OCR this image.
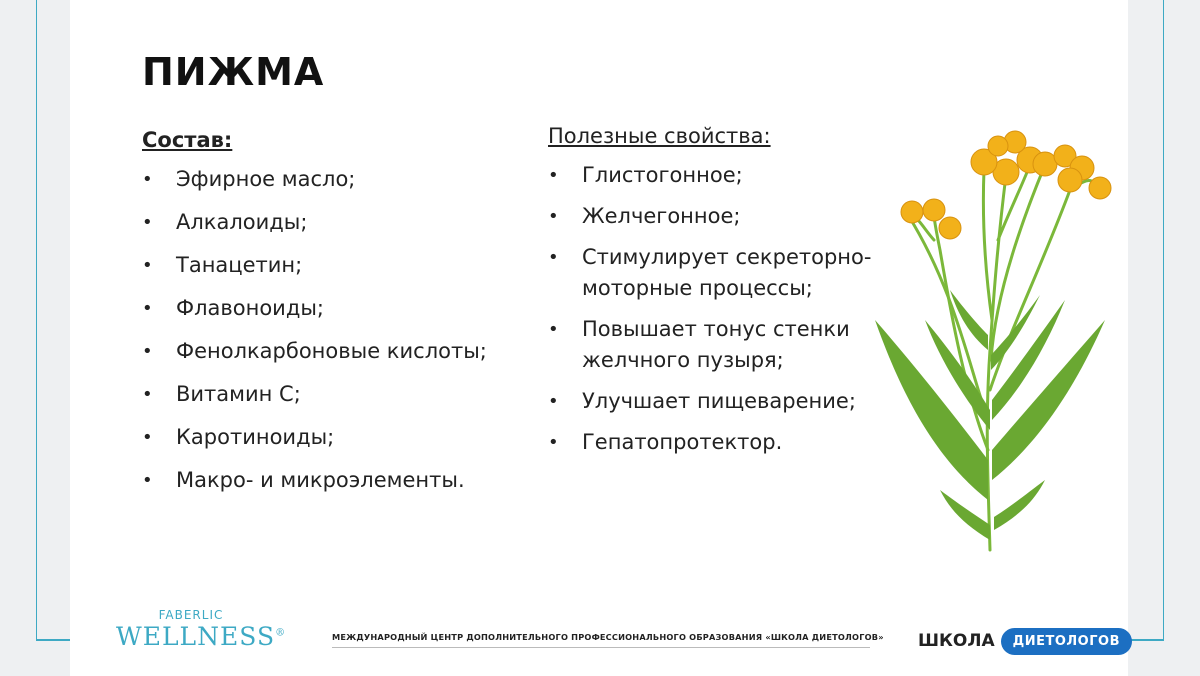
ПИЖМА
Состав:
• Эфирное масло;
• Алкалоиды;
• Танацетин;
• Флавоноиды;
• Фенолкарбоновые кислоты;
• Витамин С;
• Каротиноиды;
• Макро- и микроэлементы.
Полезные свойства:
• Глистогонное;
• Желчегонное;
• Стимулирует секреторно-моторные процессы;
• Повышает тонус стенки желчного пузыря;
• Улучшает пищеварение;
• Гепатопротектор.
FABERLIC
WELLNESS®	МЕЖДУНАРОДНЫЙ ЦЕНТР ДОПОЛНИТЕЛЬНОГО ПРОФЕССИОНАЛЬНОГО ОБРАЗОВАНИЯ «ШКОЛА ДИЕТОЛОГОВ» ШКОЛА	ДИЕТОЛОГОВ
